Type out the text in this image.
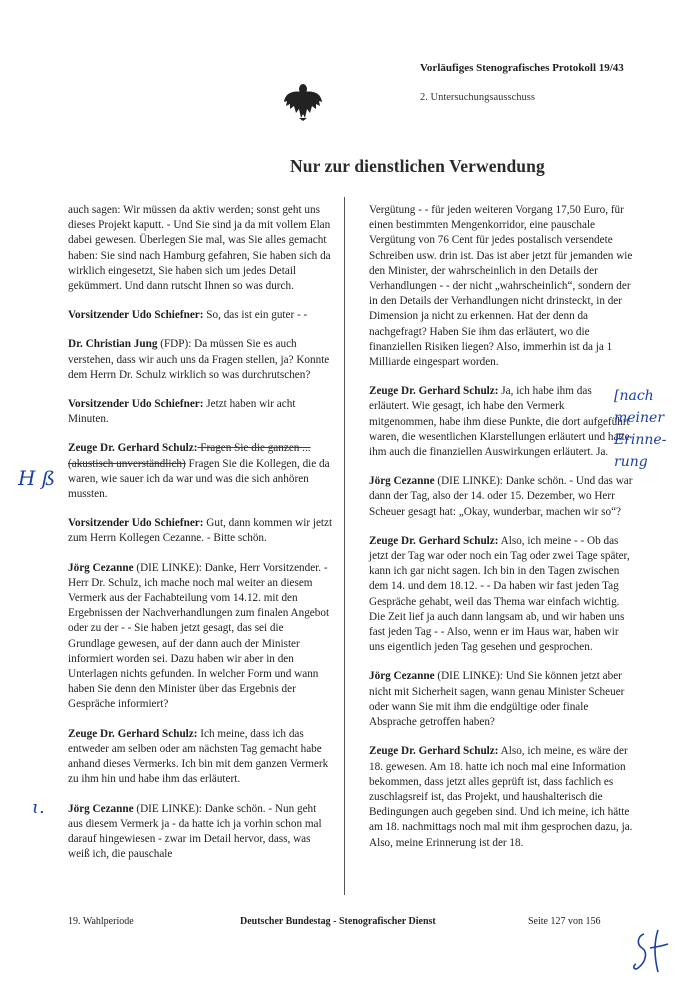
Vorläufiges Stenografisches Protokoll 19/43
2. Untersuchungsausschuss
Nur zur dienstlichen Verwendung

auch sagen: Wir müssen da aktiv werden; sonst geht uns dieses Projekt kaputt. - Und Sie sind ja da mit vollem Elan dabei gewesen. Überlegen Sie mal, was Sie alles gemacht haben: Sie sind nach Hamburg gefahren, Sie haben sich da wirklich eingesetzt, Sie haben sich um jedes Detail gekümmert. Und dann rutscht Ihnen so was durch.

Vorsitzender Udo Schiefner: So, das ist ein guter - -

Dr. Christian Jung (FDP): Da müssen Sie es auch verstehen, dass wir auch uns da Fragen stellen, ja? Konnte dem Herrn Dr. Schulz wirklich so was durchrutschen?

Vorsitzender Udo Schiefner: Jetzt haben wir acht Minuten.

Zeuge Dr. Gerhard Schulz: Fragen Sie die ganzen ... (akustisch unverständlich) Fragen Sie die Kollegen, die da waren, wie sauer ich da war und was die sich anhören mussten.

Vorsitzender Udo Schiefner: Gut, dann kommen wir jetzt zum Herrn Kollegen Cezanne. - Bitte schön.

Jörg Cezanne (DIE LINKE): Danke, Herr Vorsitzender. - Herr Dr. Schulz, ich mache noch mal weiter an diesem Vermerk aus der Fachabteilung vom 14.12. mit den Ergebnissen der Nachverhandlungen zum finalen Angebot oder zu der - - Sie haben jetzt gesagt, das sei die Grundlage gewesen, auf der dann auch der Minister informiert worden sei. Dazu haben wir aber in den Unterlagen nichts gefunden. In welcher Form und wann haben Sie denn den Minister über das Ergebnis der Gespräche informiert?

Zeuge Dr. Gerhard Schulz: Ich meine, dass ich das entweder am selben oder am nächsten Tag gemacht habe anhand dieses Vermerks. Ich bin mit dem ganzen Vermerk zu ihm hin und habe ihm das erläutert.

Jörg Cezanne (DIE LINKE): Danke schön. - Nun geht aus diesem Vermerk ja - da hatte ich ja vorhin schon mal darauf hingewiesen - zwar im Detail hervor, dass, was weiß ich, die pauschale

Vergütung - - für jeden weiteren Vorgang 17,50 Euro, für einen bestimmten Mengenkorridor, eine pauschale Vergütung von 76 Cent für jedes postalisch versendete Schreiben usw. drin ist. Das ist aber jetzt für jemanden wie den Minister, der wahrscheinlich in den Details der Verhandlungen - - der nicht „wahrscheinlich“, sondern der in den Details der Verhandlungen nicht drinsteckt, in der Dimension ja nicht zu erkennen. Hat der denn da nachgefragt? Haben Sie ihm das erläutert, wo die finanziellen Risiken liegen? Also, immerhin ist da ja 1 Milliarde eingespart worden.

Zeuge Dr. Gerhard Schulz: Ja, ich habe ihm das erläutert. Wie gesagt, ich habe den Vermerk mitgenommen, habe ihm diese Punkte, die dort aufgeführt waren, die wesentlichen Klarstellungen erläutert und hatte ihm auch die finanziellen Auswirkungen erläutert. Ja.

Jörg Cezanne (DIE LINKE): Danke schön. - Und das war dann der Tag, also der 14. oder 15. Dezember, wo Herr Scheuer gesagt hat: „Okay, wunderbar, machen wir so“?

Zeuge Dr. Gerhard Schulz: Also, ich meine - - Ob das jetzt der Tag war oder noch ein Tag oder zwei Tage später, kann ich gar nicht sagen. Ich bin in den Tagen zwischen dem 14. und dem 18.12. - - Da haben wir fast jeden Tag Gespräche gehabt, weil das Thema war einfach wichtig. Die Zeit lief ja auch dann langsam ab, und wir haben uns fast jeden Tag - - Also, wenn er im Haus war, haben wir uns eigentlich jeden Tag gesehen und gesprochen.

Jörg Cezanne (DIE LINKE): Und Sie können jetzt aber nicht mit Sicherheit sagen, wann genau Minister Scheuer oder wann Sie mit ihm die endgültige oder finale Absprache getroffen haben?

Zeuge Dr. Gerhard Schulz: Also, ich meine, es wäre der 18. gewesen. Am 18. hatte ich noch mal eine Information bekommen, dass jetzt alles geprüft ist, dass fachlich es zuschlagsreif ist, das Projekt, und haushalterisch die Bedingungen auch gegeben sind. Und ich meine, ich hätte am 18. nachmittags noch mal mit ihm gesprochen dazu, ja. Also, meine Erinnerung ist der 18.

[nach
meiner
Erinne-
rung
H ß
ɩ.
19. Wahlperiode	Deutscher Bundestag - Stenografischer Dienst	Seite 127 von 156
